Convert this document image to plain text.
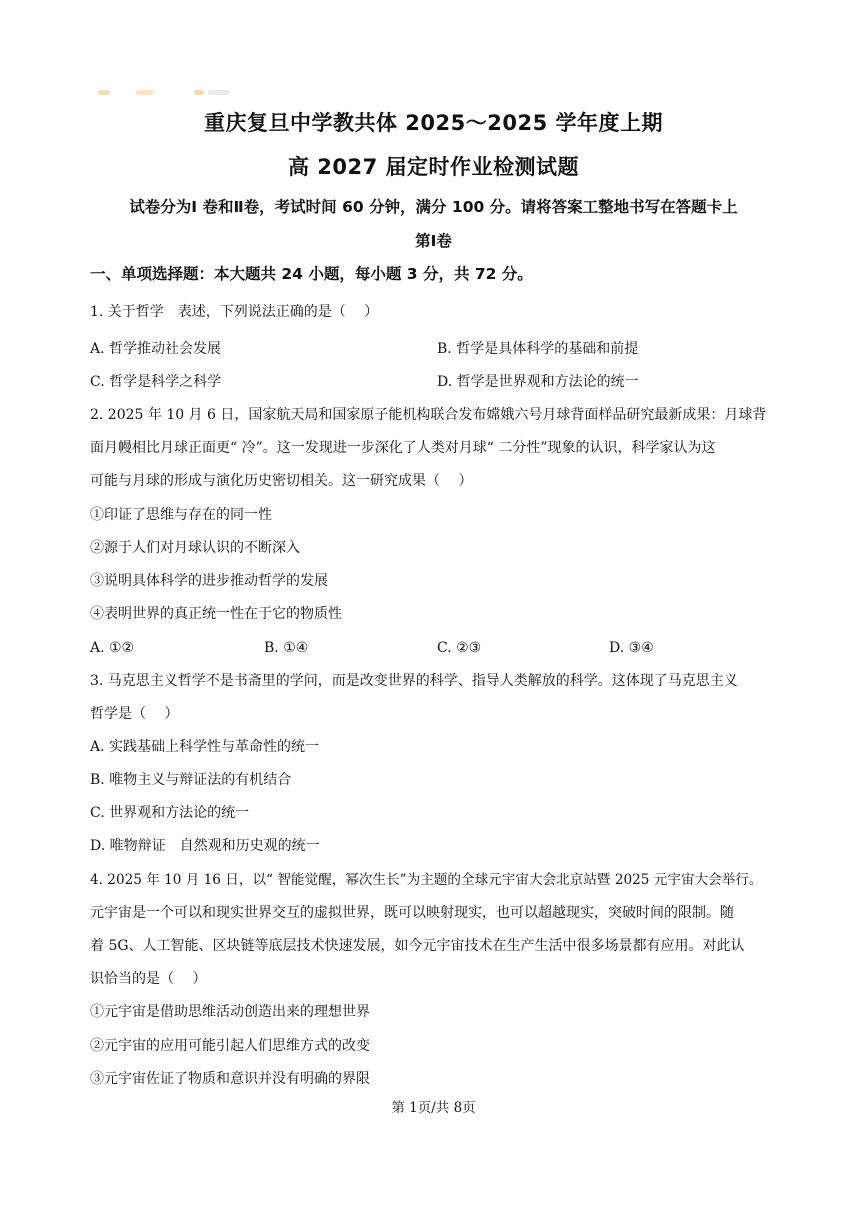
重庆复旦中学教共体 2025～2025 学年度上期
高 2027 届定时作业检测试题
试卷分为Ⅰ 卷和Ⅱ卷，考试时间 60 分钟，满分 100 分。请将答案工整地书写在答题卡上
第Ⅰ卷
一、单项选择题：本大题共 24 小题，每小题 3 分，共 72 分。
1. 关于哲学　表述，下列说法正确的是（　 ）
A. 哲学推动社会发展	B. 哲学是具体科学的基础和前提
C. 哲学是科学之科学	D. 哲学是世界观和方法论的统一
2. 2025 年 10 月 6 日，国家航天局和国家原子能机构联合发布嫦娥六号月球背面样品研究最新成果：月球背
面月幔相比月球正面更“ 冷”。这一发现进一步深化了人类对月球“ 二分性”现象的认识，科学家认为这
可能与月球的形成与演化历史密切相关。这一研究成果（　 ）
①印证了思维与存在的同一性
②源于人们对月球认识的不断深入
③说明具体科学的进步推动哲学的发展
④表明世界的真正统一性在于它的物质性
A. ①②	B. ①④	C. ②③	D. ③④
3. 马克思主义哲学不是书斋里的学问，而是改变世界的科学、指导人类解放的科学。这体现了马克思主义
哲学是（　 ）
A. 实践基础上科学性与革命性的统一
B. 唯物主义与辩证法的有机结合
C. 世界观和方法论的统一
D. 唯物辩证　自然观和历史观的统一
4. 2025 年 10 月 16 日，以“ 智能觉醒，幂次生长”为主题的全球元宇宙大会北京站暨 2025 元宇宙大会举行。
元宇宙是一个可以和现实世界交互的虚拟世界，既可以映射现实，也可以超越现实，突破时间的限制。随
着 5G、人工智能、区块链等底层技术快速发展，如今元宇宙技术在生产生活中很多场景都有应用。对此认
识恰当的是（　 ）
①元宇宙是借助思维活动创造出来的理想世界
②元宇宙的应用可能引起人们思维方式的改变
③元宇宙佐证了物质和意识并没有明确的界限
第 1页/共 8页
